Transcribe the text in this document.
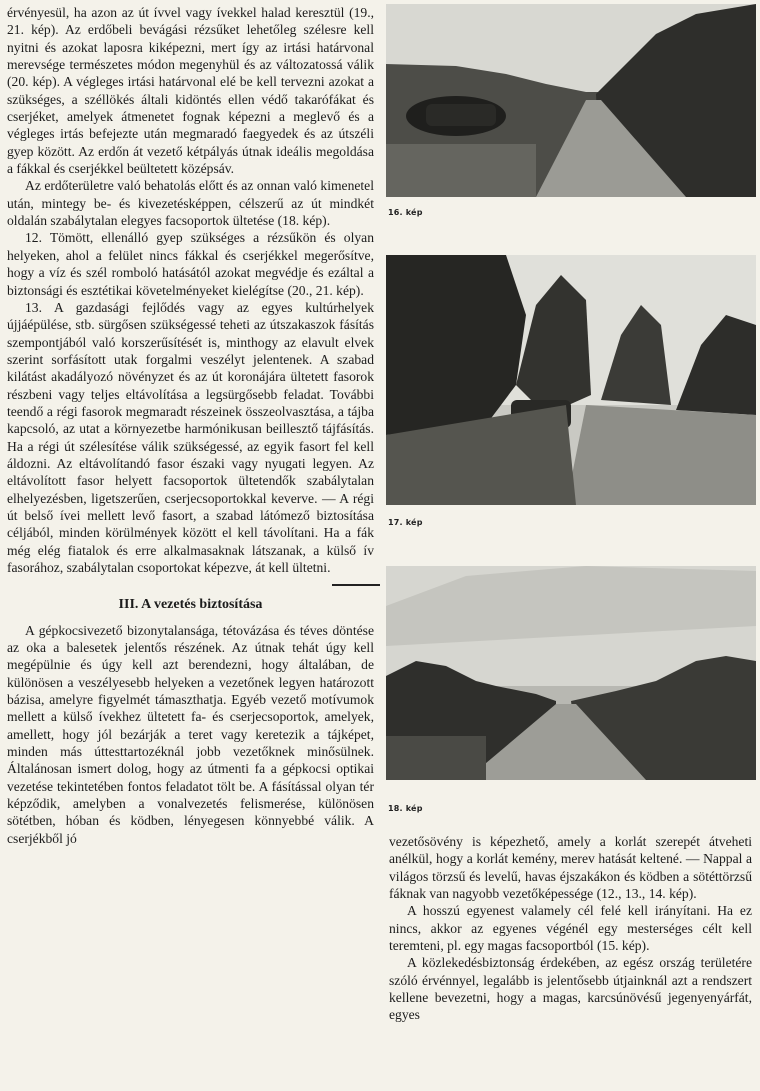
érvényesül, ha azon az út ívvel vagy ívekkel halad keresztül (19., 21. kép). Az erdőbeli bevágási rézsűket lehetőleg szélesre kell nyitni és azokat laposra kiképezni, mert így az irtási határvonal merevsége természetes módon megenyhül és az változatossá válik (20. kép). A végleges irtási határvonal elé be kell tervezni azokat a szükséges, a széllökés általi kidöntés ellen védő takarófákat és cserjéket, amelyek átmenetet fognak képezni a meglevő és a végleges irtás befejezte után megmaradó faegyedek és az útszéli gyep között. Az erdőn át vezető kétpályás útnak ideális megoldása a fákkal és cserjékkel beültetett középsáv.

Az erdőterületre való behatolás előtt és az onnan való kimenetel után, mintegy be- és kivezetésképpen, célszerű az út mindkét oldalán szabálytalan elegyes facsoportok ültetése (18. kép).

12. Tömött, ellenálló gyep szükséges a rézsűkön és olyan helyeken, ahol a felület nincs fákkal és cserjékkel megerősítve, hogy a víz és szél romboló hatásától azokat megvédje és ezáltal a biztonsági és esztétikai követelményeket kielégítse (20., 21. kép).

13. A gazdasági fejlődés vagy az egyes kultúrhelyek újjáépülése, stb. sürgősen szükségessé teheti az útszakaszok fásítás szempontjából való korszerűsítését is, minthogy az elavult elvek szerint sorfásított utak forgalmi veszélyt jelentenek. A szabad kilátást akadályozó növényzet és az út koronájára ültetett fasorok részbeni vagy teljes eltávolítása a legsürgősebb feladat. További teendő a régi fasorok megmaradt részeinek összeolvasztása, a tájba kapcsoló, az utat a környezetbe harmónikusan beillesztő tájfásítás. Ha a régi út szélesítése válik szükségessé, az egyik fasort fel kell áldozni. Az eltávolítandó fasor északi vagy nyugati legyen. Az eltávolított fasor helyett facsoportok ültetendők szabálytalan elhelyezésben, ligetszerűen, cserjecsoportokkal keverve. — A régi út belső ívei mellett levő fasort, a szabad látómező biztosítása céljából, minden körülmények között el kell távolítani. Ha a fák még elég fiatalok és erre alkalmasaknak látszanak, a külső ív fasorához, szabálytalan csoportokat képezve, át kell ültetni.

III. A vezetés biztosítása

A gépkocsivezető bizonytalansága, tétovázása és téves döntése az oka a balesetek jelentős részének. Az útnak tehát úgy kell megépülnie és úgy kell azt berendezni, hogy általában, de különösen a veszélyesebb helyeken a vezetőnek legyen határozott bázisa, amelyre figyelmét támaszthatja. Egyéb vezető motívumok mellett a külső ívekhez ültetett fa- és cserjecsoportok, amelyek, amellett, hogy jól bezárják a teret vagy keretezik a tájképet, minden más úttesttartozéknál jobb vezetőknek minősülnek. Általánosan ismert dolog, hogy az útmenti fa a gépkocsi optikai vezetése tekintetében fontos feladatot tölt be. A fásítással olyan tér képződik, amelyben a vonalvezetés felismerése, különösen sötétben, hóban és ködben, lényegesen könnyebbé válik. A cserjékből jó

16. kép
17. kép
18. kép

vezetősövény is képezhető, amely a korlát szerepét átveheti anélkül, hogy a korlát kemény, merev hatását keltené. — Nappal a világos törzsű és levelű, havas éjszakákon és ködben a sötéttörzsű fáknak van nagyobb vezetőképessége (12., 13., 14. kép).

A hosszú egyenest valamely cél felé kell irányítani. Ha ez nincs, akkor az egyenes végénél egy mesterséges célt kell teremteni, pl. egy magas facsoportból (15. kép).

A közlekedésbiztonság érdekében, az egész ország területére szóló érvénnyel, legalább is jelentősebb útjainknál azt a rendszert kellene bevezetni, hogy a magas, karcsúnövésű jegenyenyárfát, egyes
